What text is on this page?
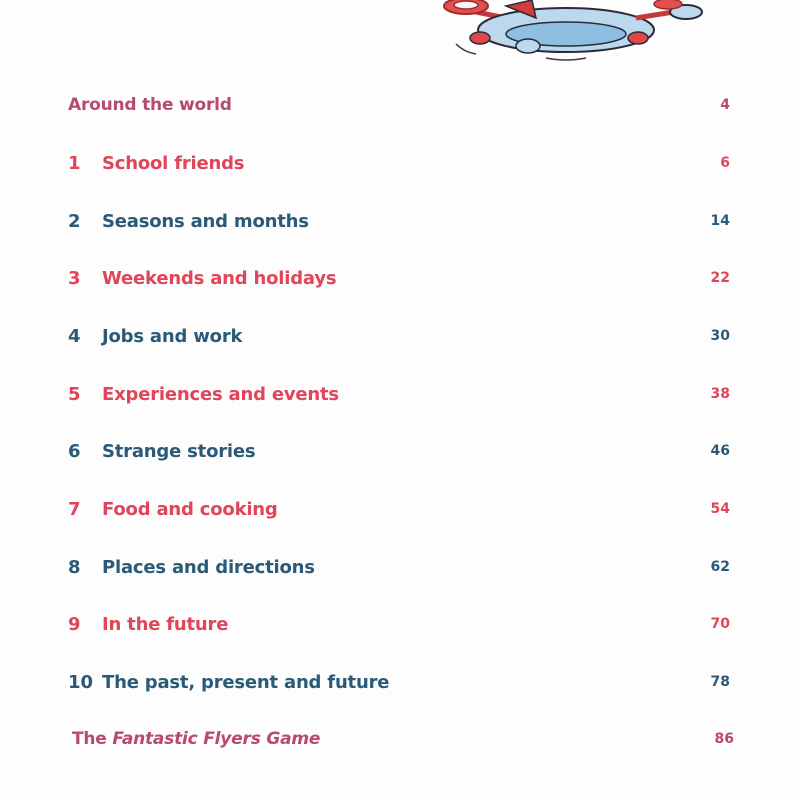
Around the world	4
1	School friends	6
2	Seasons and months	14
3	Weekends and holidays	22
4	Jobs and work	30
5	Experiences and events	38
6	Strange stories	46
7	Food and cooking	54
8	Places and directions	62
9	In the future	70
10 The past, present and future	78
The Fantastic Flyers Game	86
